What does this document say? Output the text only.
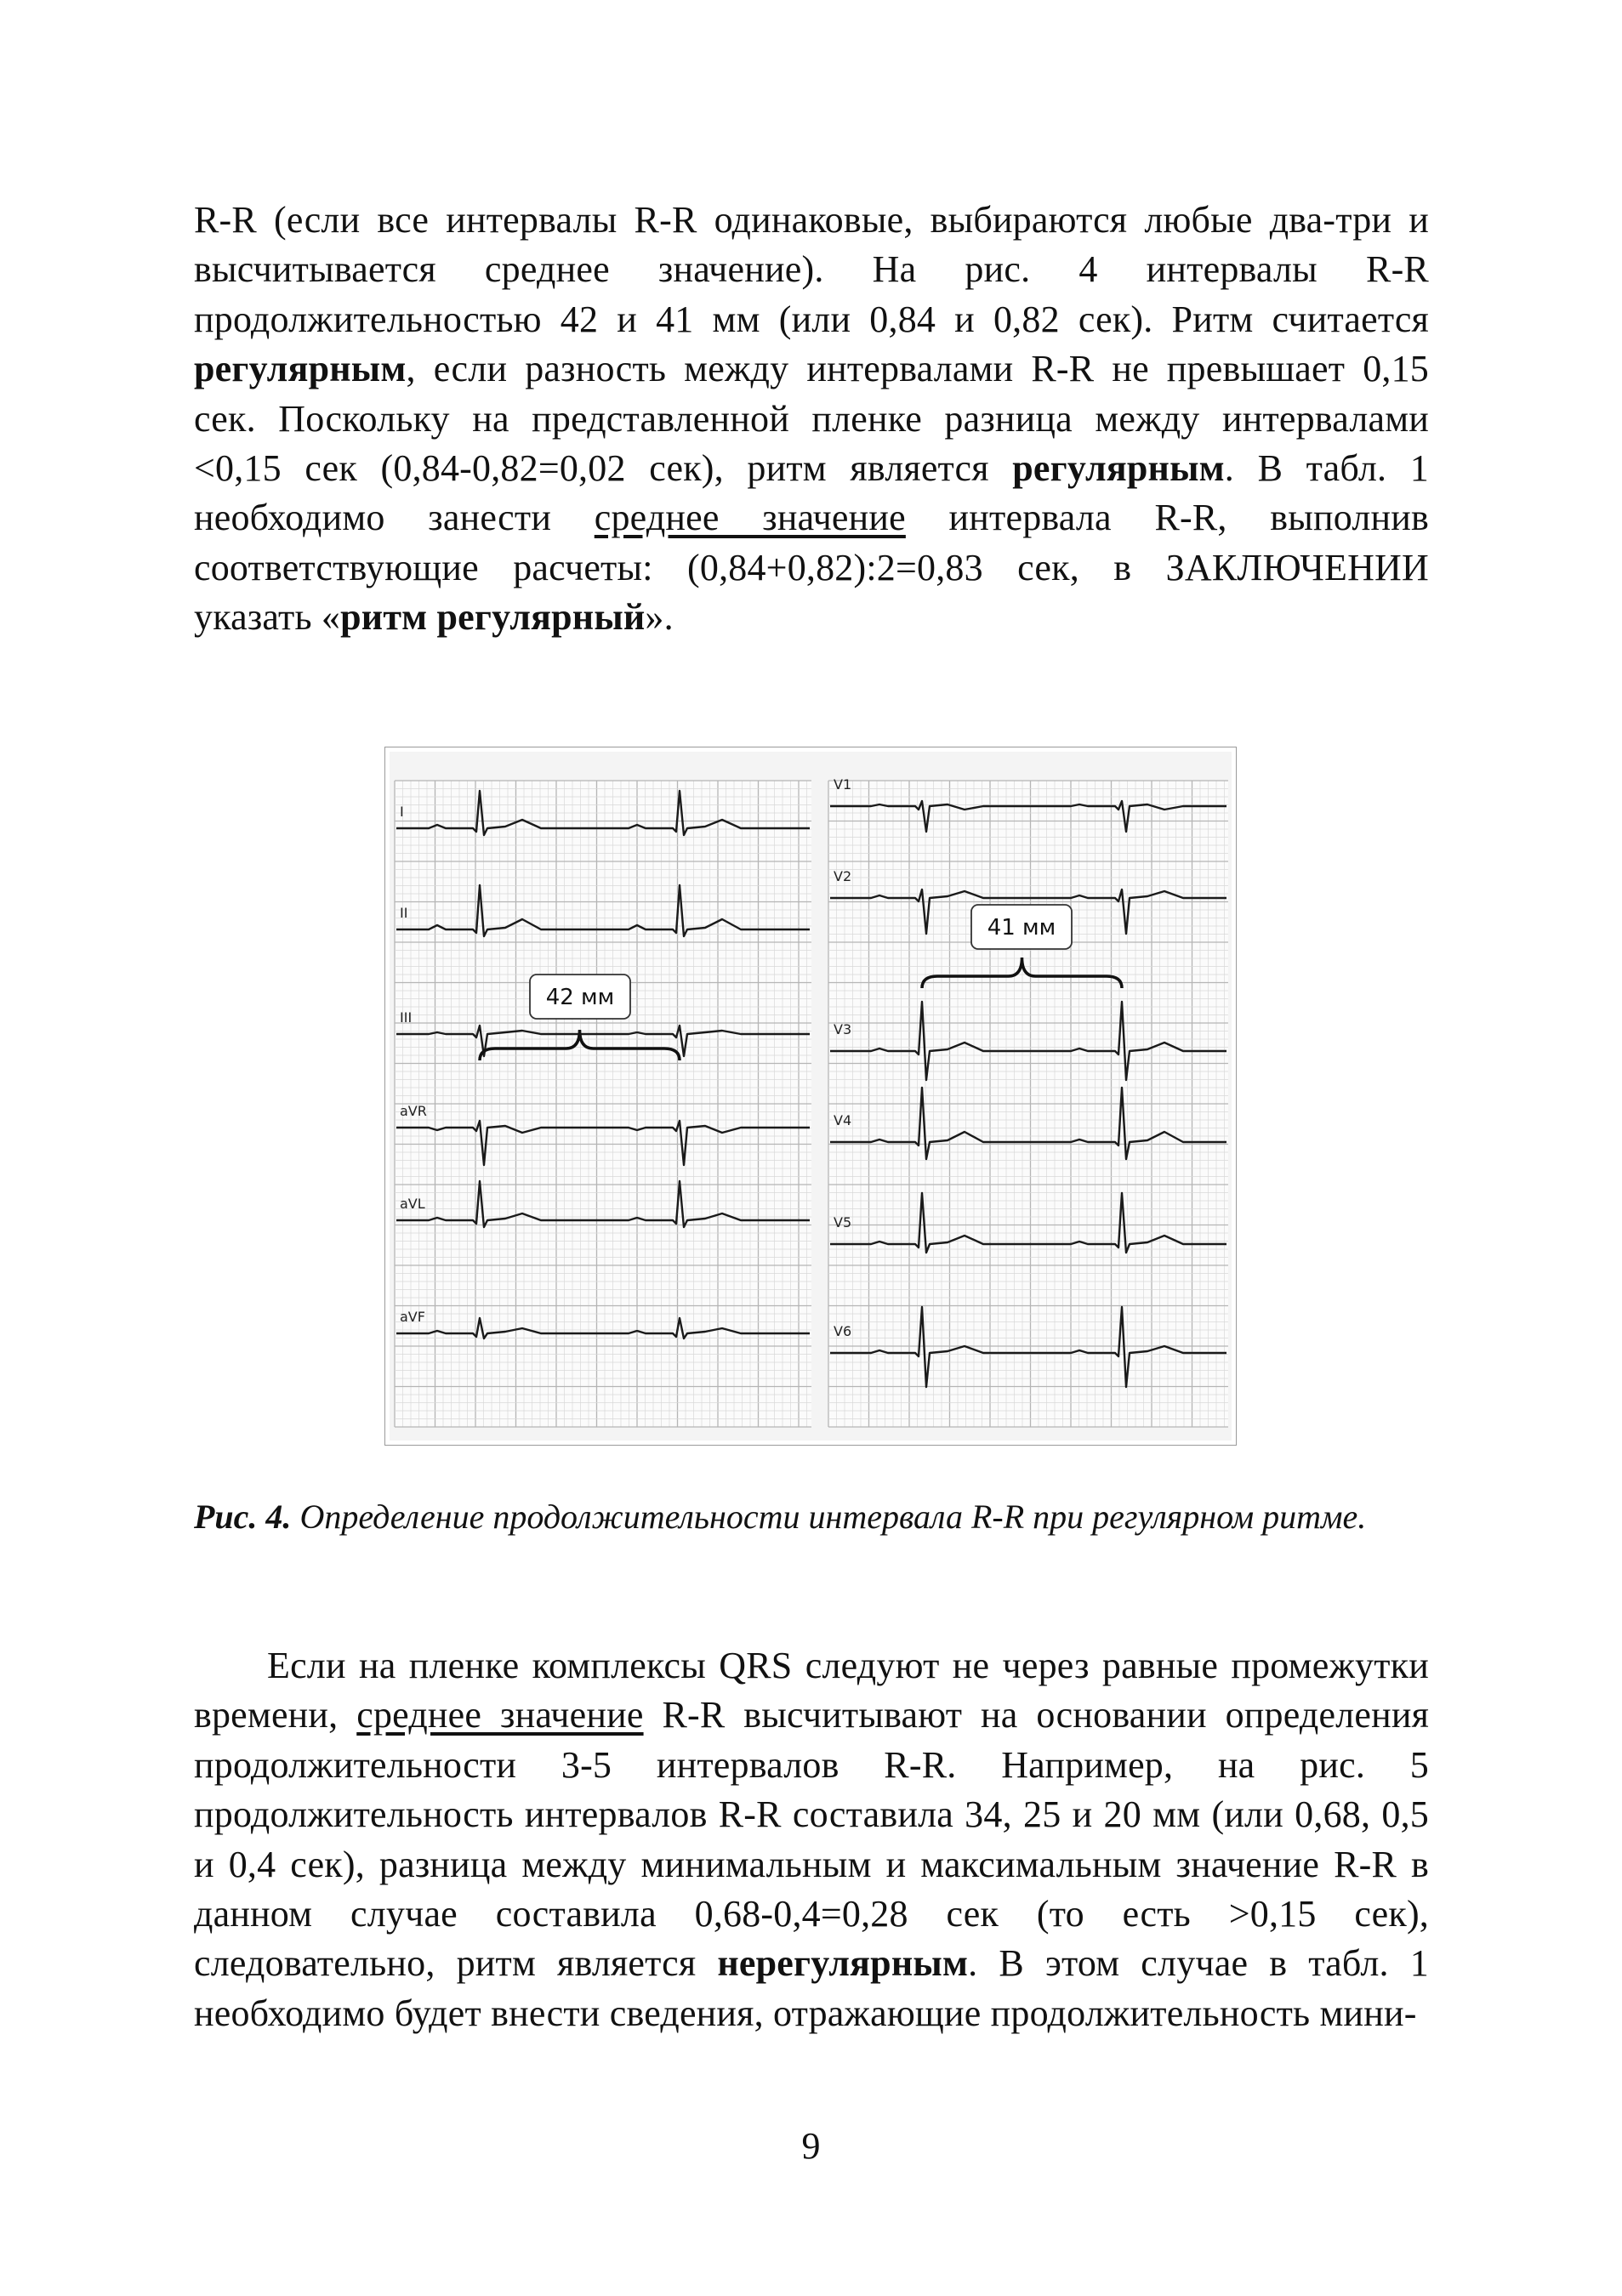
R-R (если все интервалы R-R одинаковые, выбираются любые два-три и высчитывается среднее значение). На рис. 4 интервалы R-R продолжительностью 42 и 41 мм (или 0,84 и 0,82 сек). Ритм считается регулярным, если разность между интервалами R-R не превышает 0,15 сек. Поскольку на представленной пленке разница между интервалами <0,15 сек (0,84-0,82=0,02 сек), ритм является регулярным. В табл. 1 необходимо занести среднее значение интервала R-R, выполнив соответствующие расчеты: (0,84+0,82):2=0,83 сек, в ЗАКЛЮЧЕНИИ указать «ритм регулярный».
I
II
III
aVR
aVL
aVF
V1
V2
V3
V4
V5
V6
42 мм
41 мм
Рис. 4. Определение продолжительности интервала R-R при регулярном ритме.
Если на пленке комплексы QRS следуют не через равные промежутки времени, среднее значение R-R высчитывают на основании определения продолжительности 3-5 интервалов R-R. Например, на рис. 5 продолжительность интервалов R-R составила 34, 25 и 20 мм (или 0,68, 0,5 и 0,4 сек), разница между минимальным и максимальным значение R-R в данном случае составила 0,68-0,4=0,28 сек (то есть >0,15 сек), следовательно, ритм является нерегулярным. В этом случае в табл. 1 необходимо будет внести сведения, отражающие продолжительность мини-
9
